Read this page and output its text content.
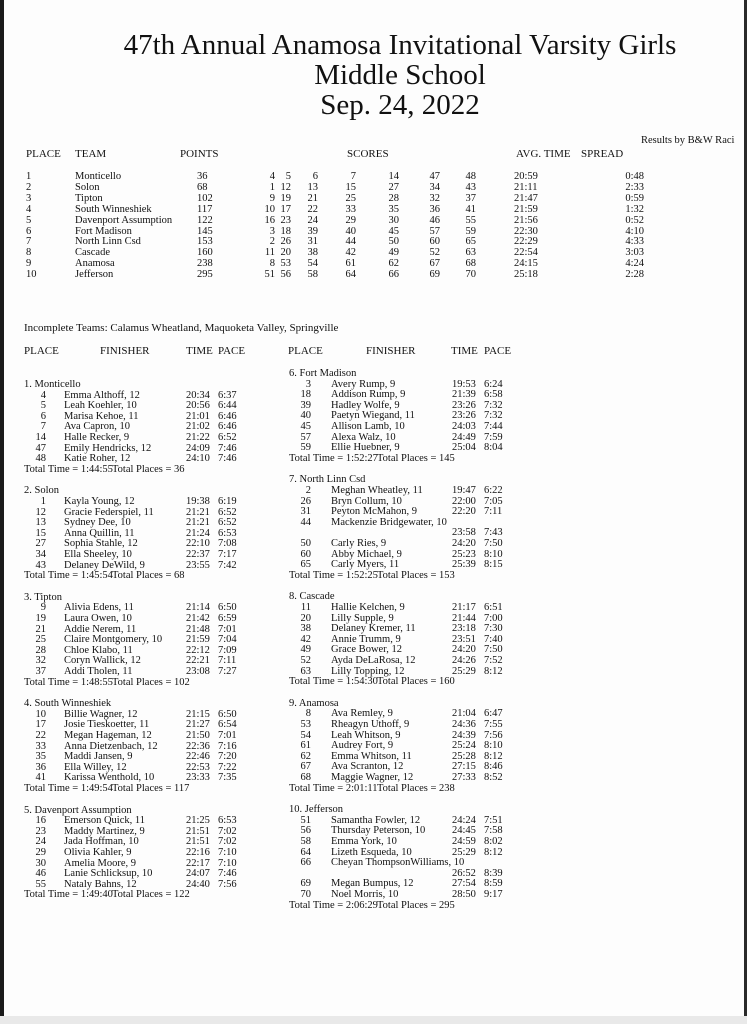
47th Annual Anamosa Invitational Varsity Girls
Middle School
Sep. 24, 2022
Results by B&W Raci
PLACE TEAM	POINTS	SCORES	AVG. TIME SPREAD
1	Monticello	36	4	5	6	7	14	47	48	20:59	0:48
2	Solon	68	1 12	13	15	27	34	43	21:11	2:33
3	Tipton	102	9 19	21	25	28	32	37	21:47	0:59
4	South Winneshiek	117	10 17	22	33	35	36	41	21:59	1:32
5	Davenport Assumption 122	16 23	24	29	30	46	55	21:56	0:52
6	Fort Madison	145	3 18	39	40	45	57	59	22:30	4:10
7	North Linn Csd	153	2 26	31	44	50	60	65	22:29	4:33
8	Cascade	160	11 20	38	42	49	52	63	22:54	3:03
9	Anamosa	238	8 53	54	61	62	67	68	24:15	4:24
10	Jefferson	295	51 56	58	64	66	69	70	25:18	2:28
Incomplete Teams: Calamus Wheatland, Maquoketa Valley, Springville
PLACE	FINISHER	TIME PACE	PLACE	FINISHER	TIME PACE
1. Monticello
4 Emma Althoff, 12	20:34 6:37
5 Leah Koehler, 10	20:56 6:44
6 Marisa Kehoe, 11	21:01 6:46
7 Ava Capron, 10	21:02 6:46
14 Halle Recker, 9	21:22 6:52
47 Emily Hendricks, 12	24:09 7:46
48 Katie Roher, 12	24:10 7:46
Total Time = 1:44:55 Total Places = 36
2. Solon
1 Kayla Young, 12	19:38 6:19
12 Gracie Federspiel, 11	21:21 6:52
13 Sydney Dee, 10	21:21 6:52
15 Anna Quillin, 11	21:24 6:53
27 Sophia Stahle, 12	22:10 7:08
34 Ella Sheeley, 10	22:37 7:17
43 Delaney DeWild, 9	23:55 7:42
Total Time = 1:45:54 Total Places = 68
3. Tipton
9 Alivia Edens, 11	21:14 6:50
19 Laura Owen, 10	21:42 6:59
21 Addie Nerem, 11	21:48 7:01
25 Claire Montgomery, 10 21:59 7:04
28 Chloe Klabo, 11	22:12 7:09
32 Coryn Wallick, 12	22:21 7:11
37 Addi Tholen, 11	23:08 7:27
Total Time = 1:48:55 Total Places = 102
4. South Winneshiek
10 Billie Wagner, 12	21:15 6:50
17 Josie Tieskoetter, 11	21:27 6:54
22 Megan Hageman, 12	21:50 7:01
33 Anna Dietzenbach, 12	22:36 7:16
35 Maddi Jansen, 9	22:46 7:20
36 Ella Willey, 12	22:53 7:22
41 Karissa Wenthold, 10	23:33 7:35
Total Time = 1:49:54 Total Places = 117
5. Davenport Assumption
16 Emerson Quick, 11	21:25 6:53
23 Maddy Martinez, 9	21:51 7:02
24 Jada Hoffman, 10	21:51 7:02
29 Olivia Kahler, 9	22:16 7:10
30 Amelia Moore, 9	22:17 7:10
46 Lanie Schlicksup, 10	24:07 7:46
55 Nataly Bahns, 12	24:40 7:56
Total Time = 1:49:40 Total Places = 122
6. Fort Madison
3 Avery Rump, 9	19:53 6:24
18 Addison Rump, 9	21:39 6:58
39 Hadley Wolfe, 9	23:26 7:32
40 Paetyn Wiegand, 11	23:26 7:32
45 Allison Lamb, 10	24:03 7:44
57 Alexa Walz, 10	24:49 7:59
59 Ellie Huebner, 9	25:04 8:04
Total Time = 1:52:27 Total Places = 145
7. North Linn Csd
2 Meghan Wheatley, 11	19:47 6:22
26 Bryn Collum, 10	22:00 7:05
31 Peyton McMahon, 9	22:20 7:11
44 Mackenzie Bridgewater, 10
23:58 7:43
50 Carly Ries, 9	24:20 7:50
60 Abby Michael, 9	25:23 8:10
65 Carly Myers, 11	25:39 8:15
Total Time = 1:52:25 Total Places = 153
8. Cascade
11 Hallie Kelchen, 9	21:17 6:51
20 Lilly Supple, 9	21:44 7:00
38 Delaney Kremer, 11	23:18 7:30
42 Annie Trumm, 9	23:51 7:40
49 Grace Bower, 12	24:20 7:50
52 Ayda DeLaRosa, 12	24:26 7:52
63 Lilly Topping, 12	25:29 8:12
Total Time = 1:54:30 Total Places = 160
9. Anamosa
8 Ava Remley, 9	21:04 6:47
53 Rheagyn Uthoff, 9	24:36 7:55
54 Leah Whitson, 9	24:39 7:56
61 Audrey Fort, 9	25:24 8:10
62 Emma Whitson, 11	25:28 8:12
67 Ava Scranton, 12	27:15 8:46
68 Maggie Wagner, 12	27:33 8:52
Total Time = 2:01:11 Total Places = 238
10. Jefferson
51 Samantha Fowler, 12	24:24 7:51
56 Thursday Peterson, 10	24:45 7:58
58 Emma York, 10	24:59 8:02
64 Lizeth Esqueda, 10	25:29 8:12
66 Cheyan ThompsonWilliams, 10
26:52 8:39
69 Megan Bumpus, 12	27:54 8:59
70 Noel Morris, 10	28:50 9:17
Total Time = 2:06:29 Total Places = 295
